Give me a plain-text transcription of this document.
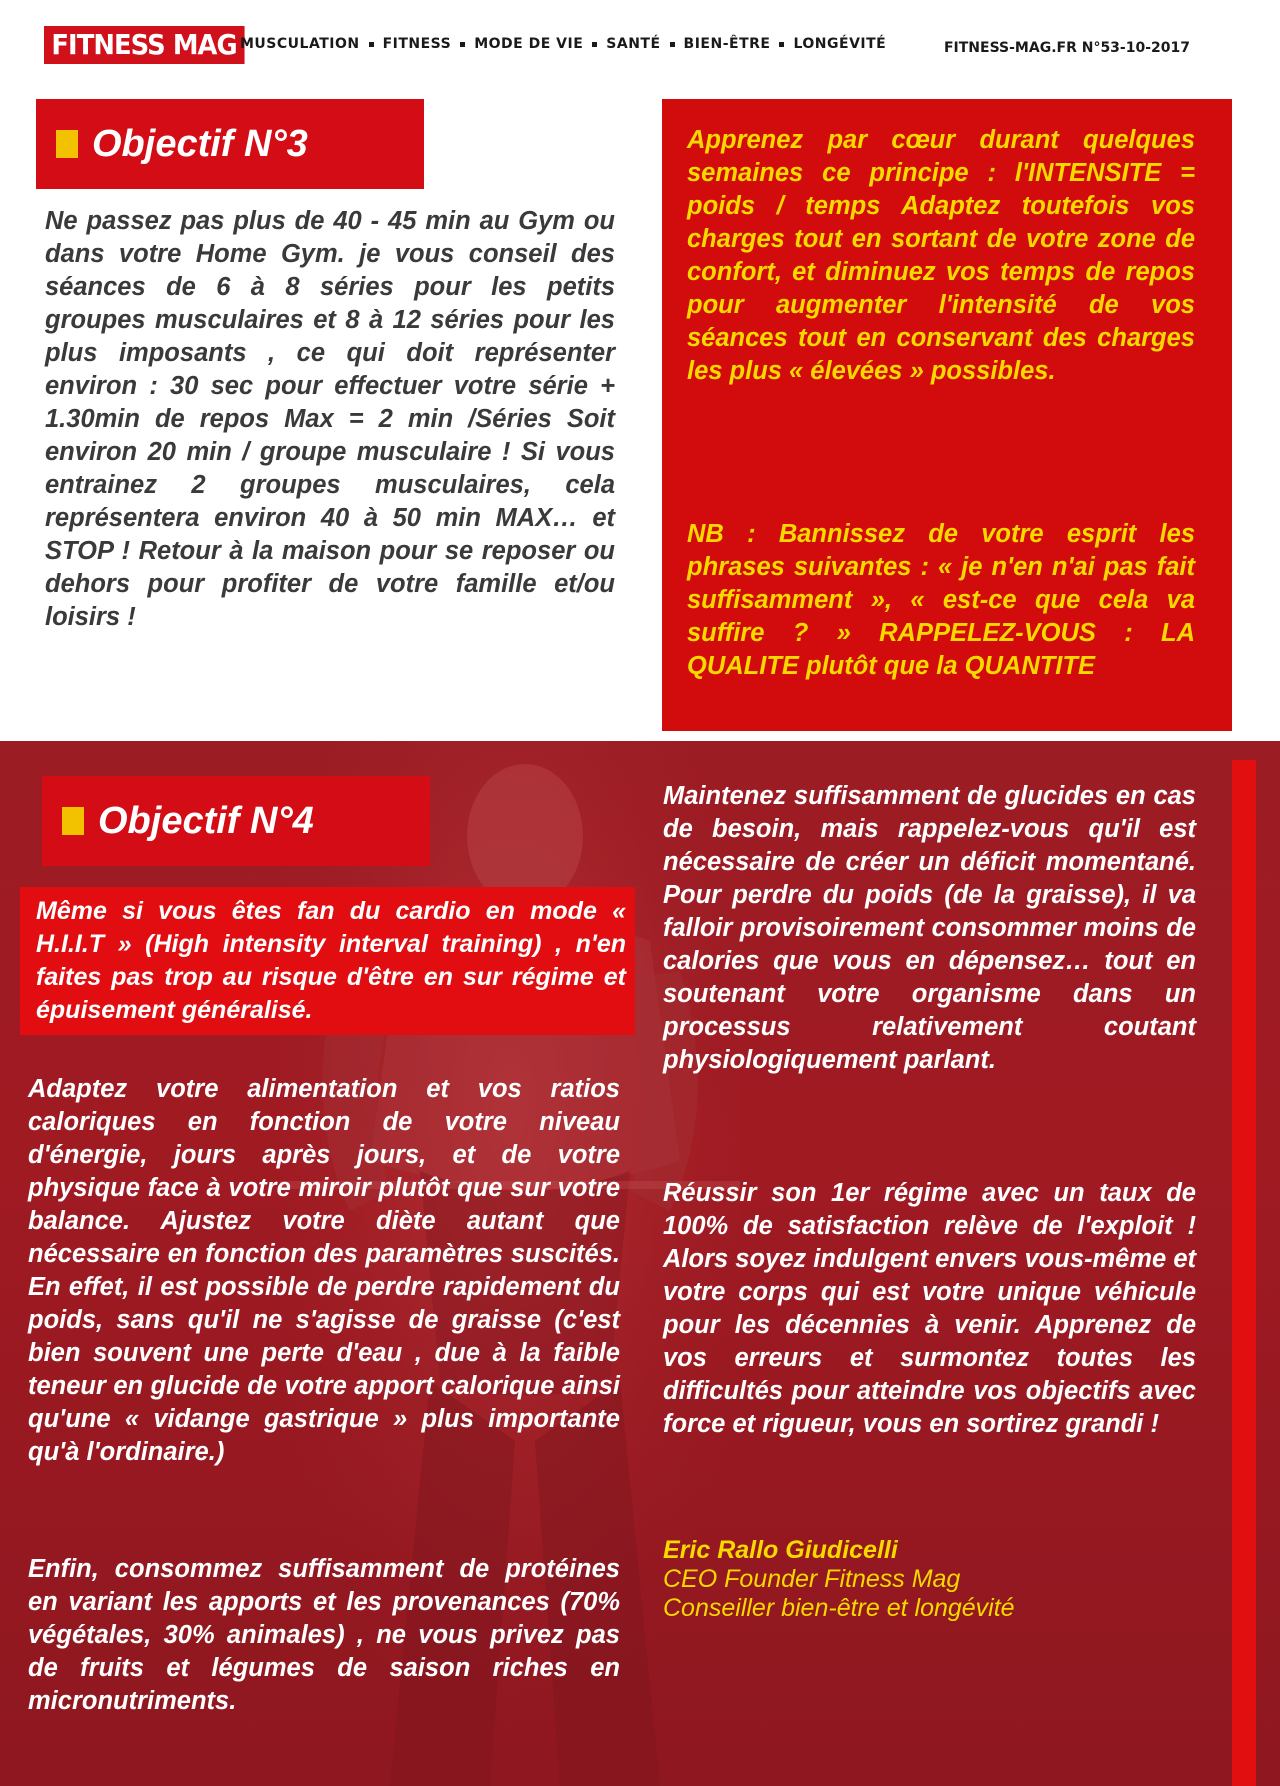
FITNESS MAG MUSCULATION FITNESS MODE DE VIE SANTÉ BIEN-ÊTRE LONGÉVITÉ	FITNESS-MAG.FR N°53-10-2017
Objectif N°3

Ne passez pas plus de 40 - 45 min au Gym ou dans votre Home Gym. je vous conseil des séances de 6 à 8 séries pour les petits groupes musculaires et 8 à 12 séries pour les plus imposants , ce qui doit représenter environ : 30 sec pour effectuer votre série + 1.30min de repos Max = 2 min /Séries Soit environ 20 min / groupe musculaire ! Si vous entrainez 2 groupes musculaires, cela représentera environ 40 à 50 min MAX… et STOP ! Retour à la maison pour se reposer ou dehors pour profiter de votre famille et/ou loisirs !

Apprenez par cœur durant quelques semaines ce principe : l'INTENSITE = poids / temps Adaptez toutefois vos charges tout en sortant de votre zone de confort, et diminuez vos temps de repos pour augmenter l'intensité de vos séances tout en conservant des charges les plus « élevées » possibles.

NB : Bannissez de votre esprit les phrases suivantes : « je n'en n'ai pas fait suffisamment », « est-ce que cela va suffire ? » RAPPELEZ-VOUS : LA QUALITE plutôt que la QUANTITE

Objectif N°4

Même si vous êtes fan du cardio en mode « H.I.I.T » (High intensity interval training) , n'en faites pas trop au risque d'être en sur régime et épuisement généralisé.

Adaptez votre alimentation et vos ratios caloriques en fonction de votre niveau d'énergie, jours après jours, et de votre physique face à votre miroir plutôt que sur votre balance. Ajustez votre diète autant que nécessaire en fonction des paramètres suscités. En effet, il est possible de perdre rapidement du poids, sans qu'il ne s'agisse de graisse (c'est bien souvent une perte d'eau , due à la faible teneur en glucide de votre apport calorique ainsi qu'une « vidange gastrique » plus importante qu'à l'ordinaire.)

Enfin, consommez suffisamment de protéines en variant les apports et les provenances (70% végétales, 30% animales) , ne vous privez pas de fruits et légumes de saison riches en micronutriments.

Maintenez suffisamment de glucides en cas de besoin, mais rappelez-vous qu'il est nécessaire de créer un déficit momentané. Pour perdre du poids (de la graisse), il va falloir provisoirement consommer moins de calories que vous en dépensez… tout en soutenant votre organisme dans un processus relativement coutant physiologiquement parlant.

Réussir son 1er régime avec un taux de 100% de satisfaction relève de l'exploit ! Alors soyez indulgent envers vous-même et votre corps qui est votre unique véhicule pour les décennies à venir. Apprenez de vos erreurs et surmontez toutes les difficultés pour atteindre vos objectifs avec force et rigueur, vous en sortirez grandi !

Eric Rallo Giudicelli
CEO Founder Fitness Mag
Conseiller bien-être et longévité
